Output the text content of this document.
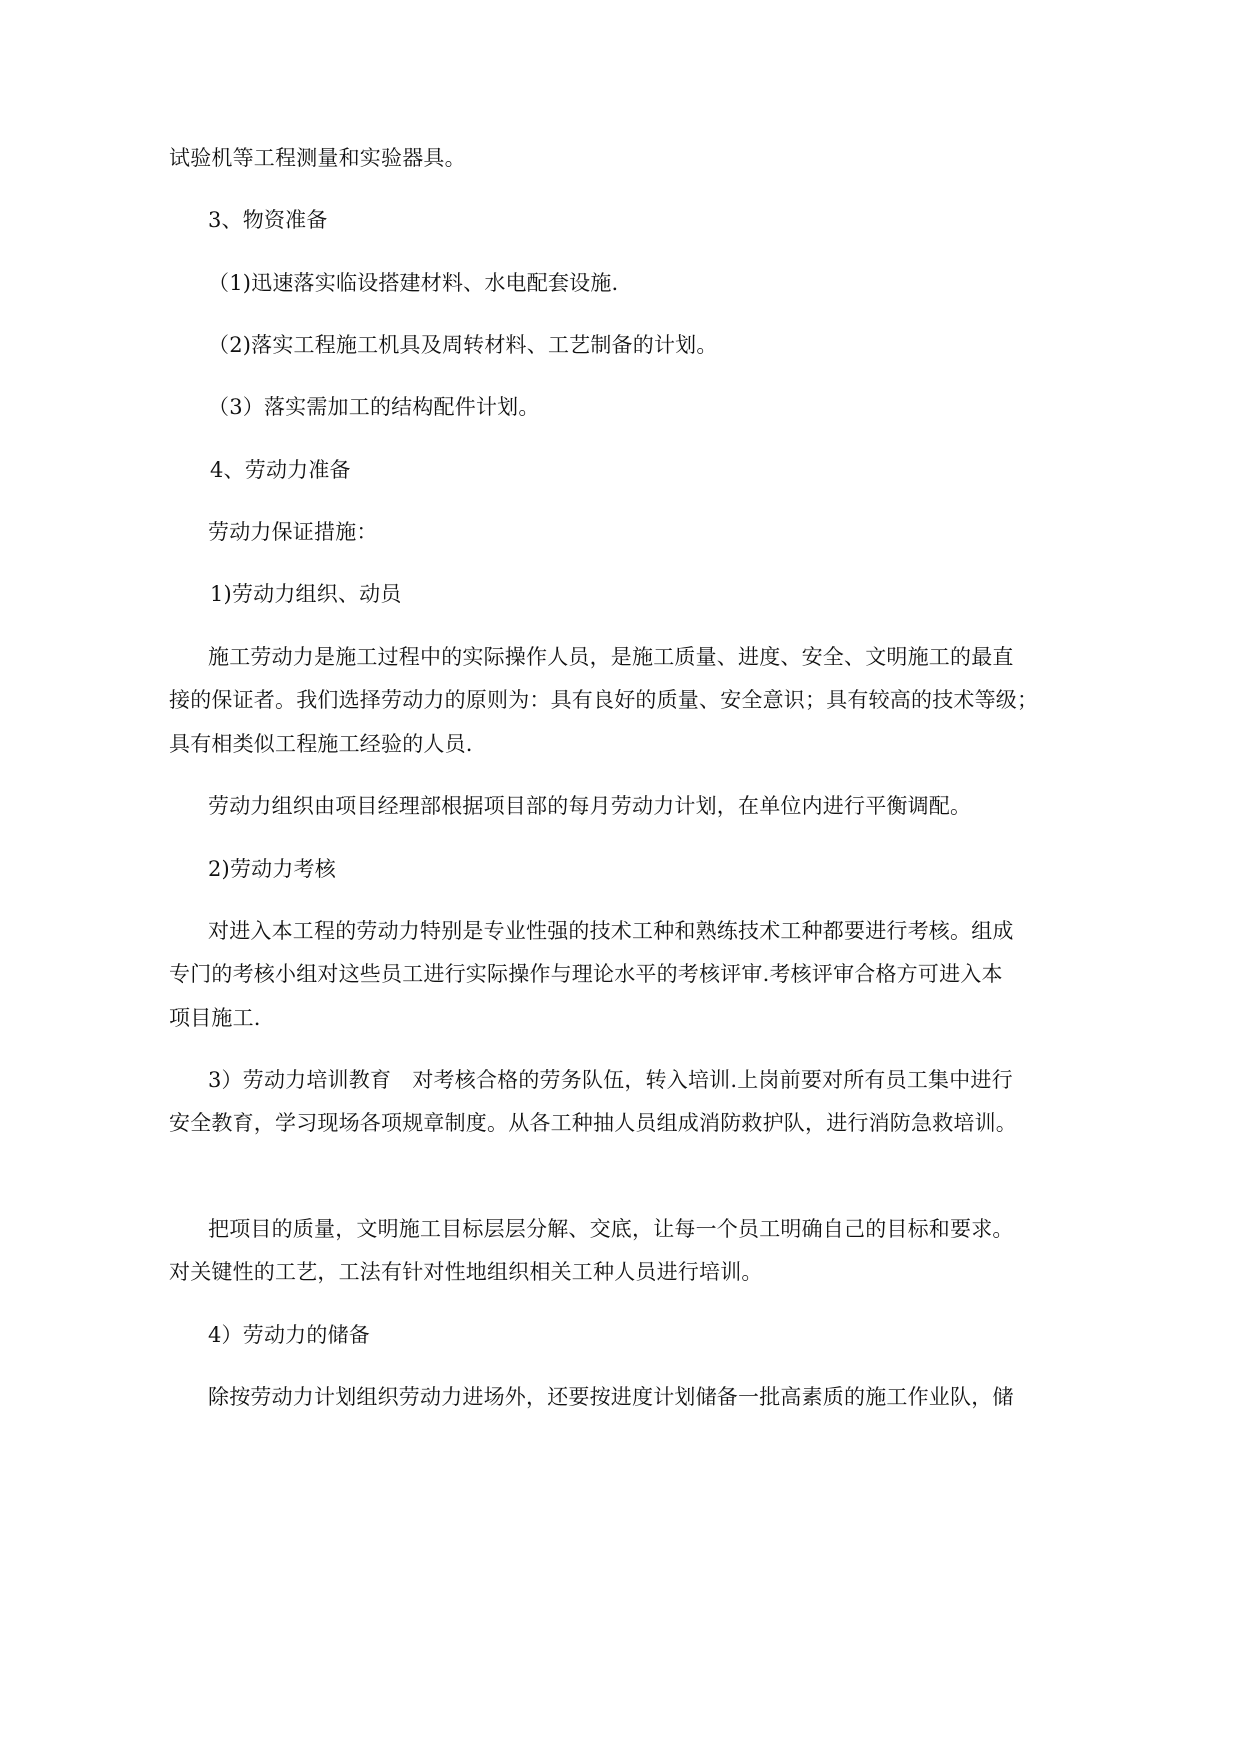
试验机等工程测量和实验器具。

3、物资准备

（1)迅速落实临设搭建材料、水电配套设施.

（2)落实工程施工机具及周转材料、工艺制备的计划。

（3）落实需加工的结构配件计划。

4、劳动力准备

劳动力保证措施：

1)劳动力组织、动员

施工劳动力是施工过程中的实际操作人员，是施工质量、进度、安全、文明施工的最直

接的保证者。我们选择劳动力的原则为：具有良好的质量、安全意识；具有较高的技术等级；

具有相类似工程施工经验的人员.

劳动力组织由项目经理部根据项目部的每月劳动力计划，在单位内进行平衡调配。

2)劳动力考核

对进入本工程的劳动力特别是专业性强的技术工种和熟练技术工种都要进行考核。组成

专门的考核小组对这些员工进行实际操作与理论水平的考核评审.考核评审合格方可进入本

项目施工.

3）劳动力培训教育　对考核合格的劳务队伍，转入培训.上岗前要对所有员工集中进行

安全教育，学习现场各项规章制度。从各工种抽人员组成消防救护队，进行消防急救培训。

把项目的质量，文明施工目标层层分解、交底，让每一个员工明确自己的目标和要求。

对关键性的工艺，工法有针对性地组织相关工种人员进行培训。

4）劳动力的储备

除按劳动力计划组织劳动力进场外，还要按进度计划储备一批高素质的施工作业队，储
